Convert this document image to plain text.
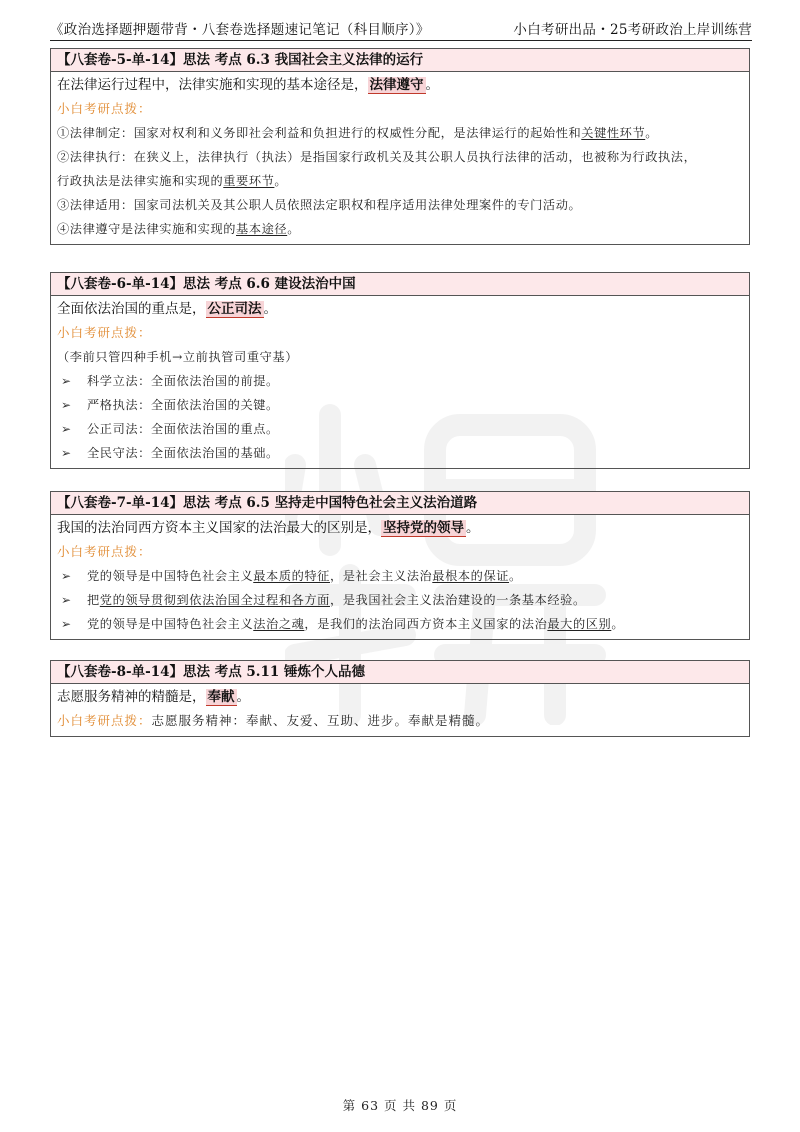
《政治选择题押题带背・八套卷选择题速记笔记（科目顺序）》	小白考研出品・25考研政治上岸训练营
【八套卷-5-单-14】思法 考点 6.3 我国社会主义法律的运行
在法律运行过程中，法律实施和实现的基本途径是， 法律遵守 。
小白考研点拨：
①法律制定：国家对权利和义务即社会利益和负担进行的权威性分配，是法律运行的起始性和关键性环节。
②法律执行：在狭义上，法律执行（执法）是指国家行政机关及其公职人员执行法律的活动，也被称为行政执法，
行政执法是法律实施和实现的重要环节。
③法律适用：国家司法机关及其公职人员依照法定职权和程序适用法律处理案件的专门活动。
④法律遵守是法律实施和实现的基本途径。
【八套卷-6-单-14】思法 考点 6.6 建设法治中国
全面依法治国的重点是， 公正司法 。
小白考研点拨：
（李前只管四种手机→立前执管司重守基）
➢ 科学立法：全面依法治国的前提。
➢ 严格执法：全面依法治国的关键。
➢ 公正司法：全面依法治国的重点。
➢ 全民守法：全面依法治国的基础。
【八套卷-7-单-14】思法 考点 6.5 坚持走中国特色社会主义法治道路
我国的法治同西方资本主义国家的法治最大的区别是， 坚持党的领导 。
小白考研点拨：
➢ 党的领导是中国特色社会主义最本质的特征，是社会主义法治最根本的保证。
➢ 把党的领导贯彻到依法治国全过程和各方面，是我国社会主义法治建设的一条基本经验。
➢ 党的领导是中国特色社会主义法治之魂，是我们的法治同西方资本主义国家的法治最大的区别。
【八套卷-8-单-14】思法 考点 5.11 锤炼个人品德
志愿服务精神的精髓是， 奉献 。
小白考研点拨：志愿服务精神：奉献、友爱、互助、进步。奉献是精髓。
第 63 页 共 89 页
